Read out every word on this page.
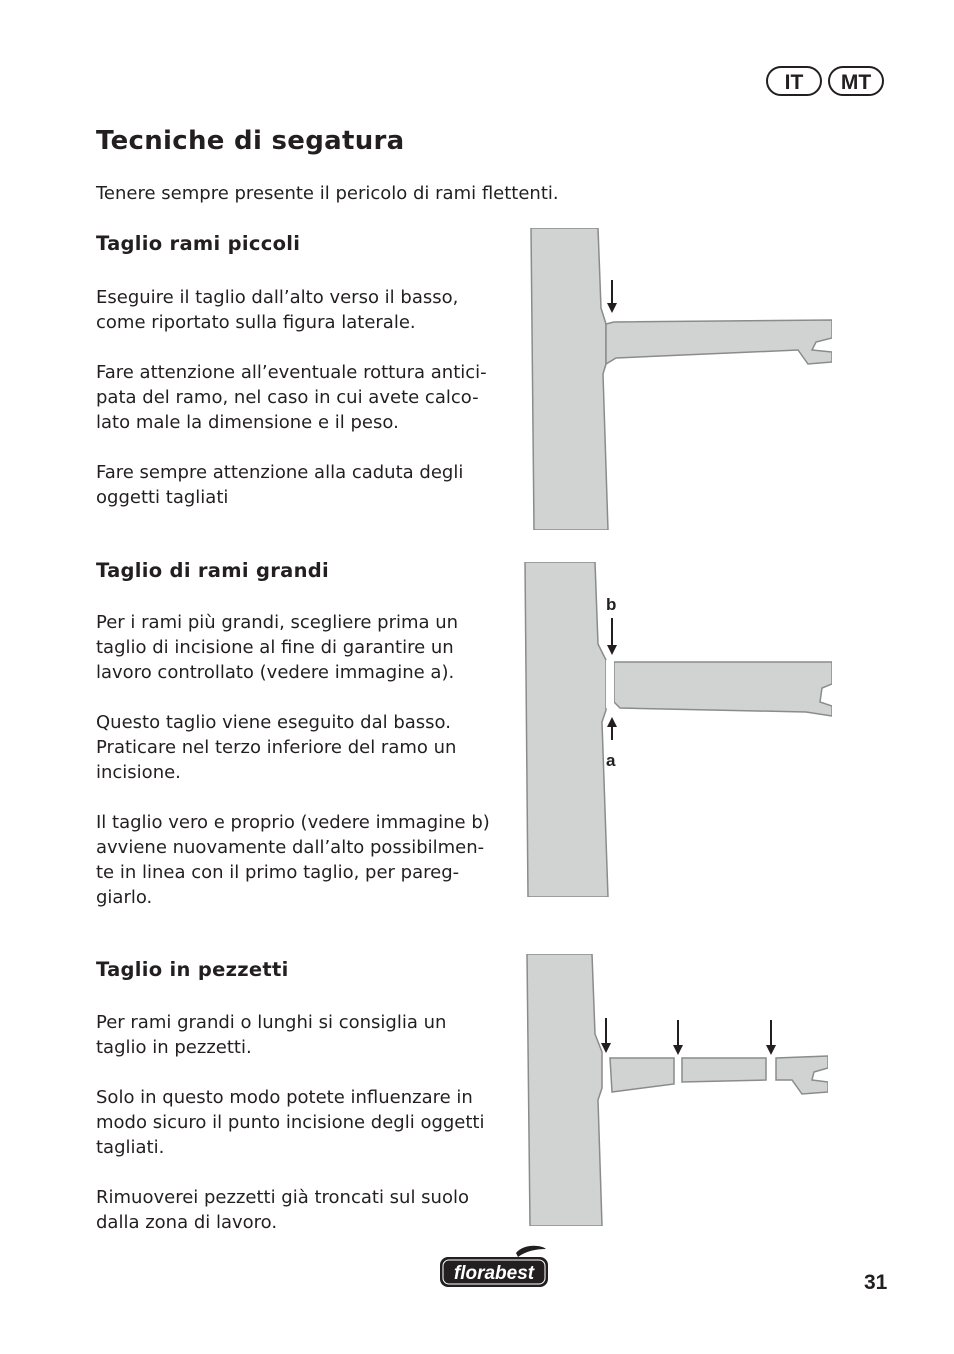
IT	MT
Tecniche di segatura

Tenere sempre presente il pericolo di rami flettenti.

Taglio rami piccoli

Eseguire il taglio dall’alto verso il basso, come riportato sulla figura laterale.

Fare attenzione all’eventuale rottura antici-pata del ramo, nel caso in cui avete calco-lato male la dimensione e il peso.

Fare sempre attenzione alla caduta degli oggetti tagliati

Taglio di rami grandi

Per i rami più grandi, scegliere prima un taglio di incisione al fine di garantire un lavoro controllato (vedere immagine a).

Questo taglio viene eseguito dal basso. Praticare nel terzo inferiore del ramo un incisione.

Il taglio vero e proprio (vedere immagine b) avviene nuovamente dall’alto possibilmen-te in linea con il primo taglio, per pareg-giarlo.

Taglio in pezzetti

Per rami grandi o lunghi si consiglia un taglio in pezzetti.

Solo in questo modo potete influenzare in modo sicuro il punto incisione degli oggetti tagliati.

Rimuoverei pezzetti già troncati sul suolo dalla zona di lavoro.

b
a
florabest	31
